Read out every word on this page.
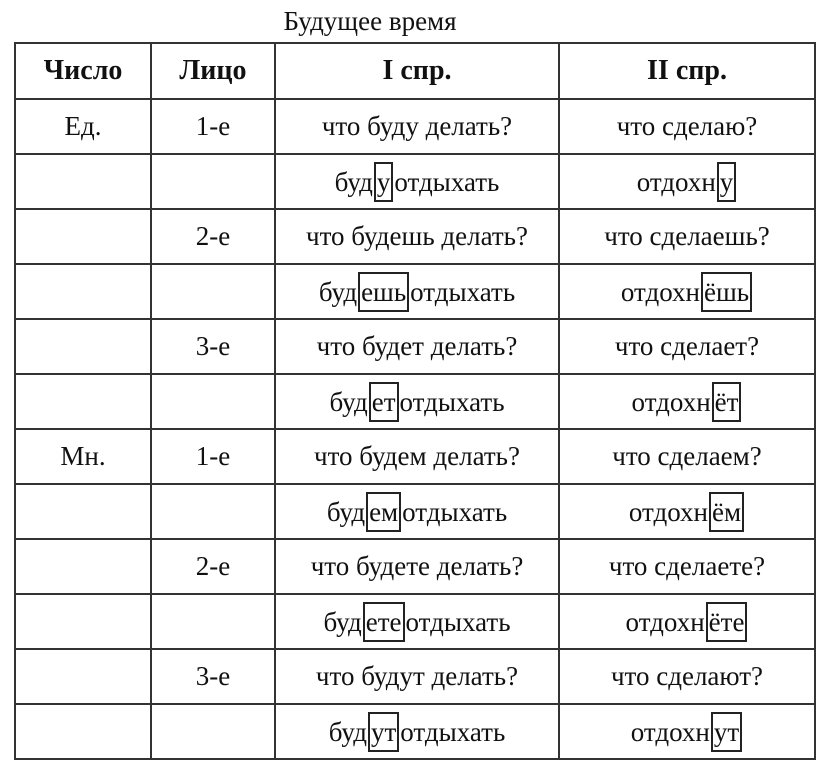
Будущее время
Число	Лицо	I спр.	II спр.
Ед.	1-е	что буду делать?	что сделаю?
		буд у отдыхать	отдохн у
	2-е	что будешь делать?	что сделаешь?
		буд ешь отдыхать	отдохн ёшь
	3-е	что будет делать?	что сделает?
		буд ет отдыхать	отдохн ёт
Мн.	1-е	что будем делать?	что сделаем?
		буд ем отдыхать	отдохн ём
	2-е	что будете делать?	что сделаете?
		буд ете отдыхать	отдохн ёте
	3-е	что будут делать?	что сделают?
		буд ут отдыхать	отдохн ут
